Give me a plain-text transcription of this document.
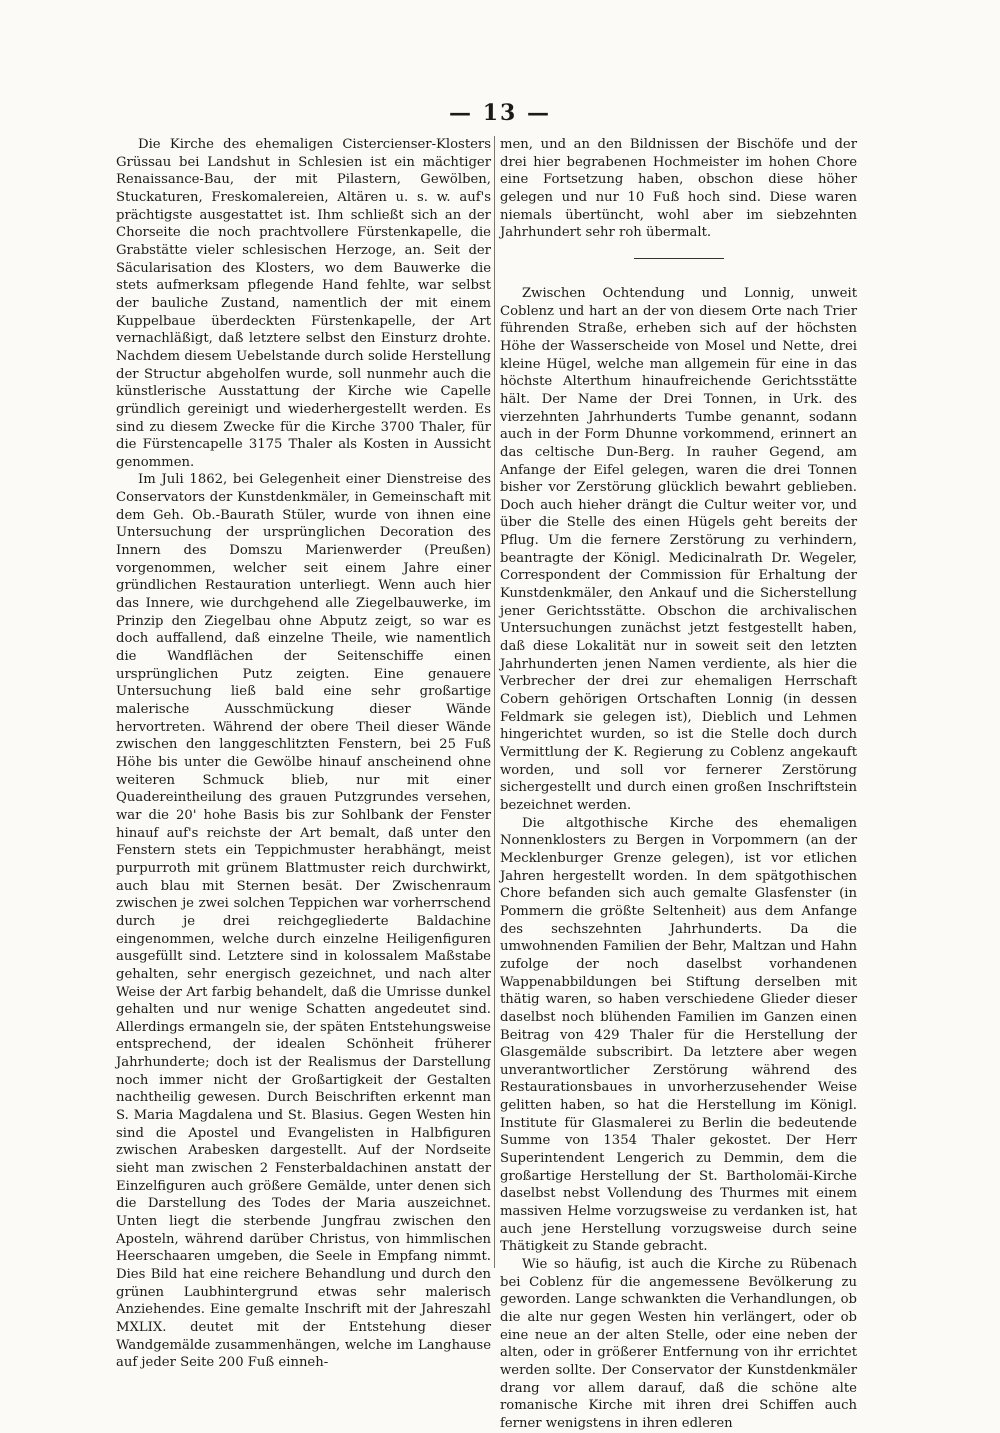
— 13 —

Die Kirche des ehemaligen Cistercienser-Klosters Grüssau bei Landshut in Schlesien ist ein mächtiger Renaissance-Bau, der mit Pilastern, Gewölben, Stuckaturen, Freskomalereien, Altären u. s. w. auf's prächtigste ausgestattet ist. Ihm schließt sich an der Chorseite die noch prachtvollere Fürstenkapelle, die Grabstätte vieler schlesischen Herzoge, an. Seit der Säcularisation des Klosters, wo dem Bauwerke die stets aufmerksam pflegende Hand fehlte, war selbst der bauliche Zustand, namentlich der mit einem Kuppelbaue überdeckten Fürstenkapelle, der Art vernachläßigt, daß letztere selbst den Einsturz drohte. Nachdem diesem Uebelstande durch solide Herstellung der Structur abgeholfen wurde, soll nunmehr auch die künstlerische Ausstattung der Kirche wie Capelle gründlich gereinigt und wiederhergestellt werden. Es sind zu diesem Zwecke für die Kirche 3700 Thaler, für die Fürstencapelle 3175 Thaler als Kosten in Aussicht genommen.

Im Juli 1862, bei Gelegenheit einer Dienstreise des Conservators der Kunstdenkmäler, in Gemeinschaft mit dem Geh. Ob.-Baurath Stüler, wurde von ihnen eine Untersuchung der ursprünglichen Decoration des Innern des Domszu Marienwerder (Preußen) vorgenommen, welcher seit einem Jahre einer gründlichen Restauration unterliegt. Wenn auch hier das Innere, wie durchgehend alle Ziegelbauwerke, im Prinzip den Ziegelbau ohne Abputz zeigt, so war es doch auffallend, daß einzelne Theile, wie namentlich die Wandflächen der Seitenschiffe einen ursprünglichen Putz zeigten. Eine genauere Untersuchung ließ bald eine sehr großartige malerische Ausschmückung dieser Wände hervortreten. Während der obere Theil dieser Wände zwischen den langgeschlitzten Fenstern, bei 25 Fuß Höhe bis unter die Gewölbe hinauf anscheinend ohne weiteren Schmuck blieb, nur mit einer Quadereintheilung des grauen Putzgrundes versehen, war die 20' hohe Basis bis zur Sohlbank der Fenster hinauf auf's reichste der Art bemalt, daß unter den Fenstern stets ein Teppichmuster herabhängt, meist purpurroth mit grünem Blattmuster reich durchwirkt, auch blau mit Sternen besät. Der Zwischenraum zwischen je zwei solchen Teppichen war vorherrschend durch je drei reichgegliederte Baldachine eingenommen, welche durch einzelne Heiligenfiguren ausgefüllt sind. Letztere sind in kolossalem Maßstabe gehalten, sehr energisch gezeichnet, und nach alter Weise der Art farbig behandelt, daß die Umrisse dunkel gehalten und nur wenige Schatten angedeutet sind. Allerdings ermangeln sie, der späten Entstehungsweise entsprechend, der idealen Schönheit früherer Jahrhunderte; doch ist der Realismus der Darstellung noch immer nicht der Großartigkeit der Gestalten nachtheilig gewesen. Durch Beischriften erkennt man S. Maria Magdalena und St. Blasius. Gegen Westen hin sind die Apostel und Evangelisten in Halbfiguren zwischen Arabesken dargestellt. Auf der Nordseite sieht man zwischen 2 Fensterbaldachinen anstatt der Einzelfiguren auch größere Gemälde, unter denen sich die Darstellung des Todes der Maria auszeichnet. Unten liegt die sterbende Jungfrau zwischen den Aposteln, während darüber Christus, von himmlischen Heerschaaren umgeben, die Seele in Empfang nimmt. Dies Bild hat eine reichere Behandlung und durch den grünen Laubhintergrund etwas sehr malerisch Anziehendes. Eine gemalte Inschrift mit der Jahreszahl MXLIX. deutet mit der Entstehung dieser Wandgemälde zusammenhängen, welche im Langhause auf jeder Seite 200 Fuß einneh-

men, und an den Bildnissen der Bischöfe und der drei hier begrabenen Hochmeister im hohen Chore eine Fortsetzung haben, obschon diese höher gelegen und nur 10 Fuß hoch sind. Diese waren niemals übertüncht, wohl aber im siebzehnten Jahrhundert sehr roh übermalt.

Zwischen Ochtendung und Lonnig, unweit Coblenz und hart an der von diesem Orte nach Trier führenden Straße, erheben sich auf der höchsten Höhe der Wasserscheide von Mosel und Nette, drei kleine Hügel, welche man allgemein für eine in das höchste Alterthum hinaufreichende Gerichtsstätte hält. Der Name der Drei Tonnen, in Urk. des vierzehnten Jahrhunderts Tumbe genannt, sodann auch in der Form Dhunne vorkommend, erinnert an das celtische Dun-Berg. In rauher Gegend, am Anfange der Eifel gelegen, waren die drei Tonnen bisher vor Zerstörung glücklich bewahrt geblieben. Doch auch hieher drängt die Cultur weiter vor, und über die Stelle des einen Hügels geht bereits der Pflug. Um die fernere Zerstörung zu verhindern, beantragte der Königl. Medicinalrath Dr. Wegeler, Correspondent der Commission für Erhaltung der Kunstdenkmäler, den Ankauf und die Sicherstellung jener Gerichtsstätte. Obschon die archivalischen Untersuchungen zunächst jetzt festgestellt haben, daß diese Lokalität nur in soweit seit den letzten Jahrhunderten jenen Namen verdiente, als hier die Verbrecher der drei zur ehemaligen Herrschaft Cobern gehörigen Ortschaften Lonnig (in dessen Feldmark sie gelegen ist), Dieblich und Lehmen hingerichtet wurden, so ist die Stelle doch durch Vermittlung der K. Regierung zu Coblenz angekauft worden, und soll vor fernerer Zerstörung sichergestellt und durch einen großen Inschriftstein bezeichnet werden.

Die altgothische Kirche des ehemaligen Nonnenklosters zu Bergen in Vorpommern (an der Mecklenburger Grenze gelegen), ist vor etlichen Jahren hergestellt worden. In dem spätgothischen Chore befanden sich auch gemalte Glasfenster (in Pommern die größte Seltenheit) aus dem Anfange des sechszehnten Jahrhunderts. Da die umwohnenden Familien der Behr, Maltzan und Hahn zufolge der noch daselbst vorhandenen Wappenabbildungen bei Stiftung derselben mit thätig waren, so haben verschiedene Glieder dieser daselbst noch blühenden Familien im Ganzen einen Beitrag von 429 Thaler für die Herstellung der Glasgemälde subscribirt. Da letztere aber wegen unverantwortlicher Zerstörung während des Restaurationsbaues in unvorherzusehender Weise gelitten haben, so hat die Herstellung im Königl. Institute für Glasmalerei zu Berlin die bedeutende Summe von 1354 Thaler gekostet. Der Herr Superintendent Lengerich zu Demmin, dem die großartige Herstellung der St. Bartholomäi-Kirche daselbst nebst Vollendung des Thurmes mit einem massiven Helme vorzugsweise zu verdanken ist, hat auch jene Herstellung vorzugsweise durch seine Thätigkeit zu Stande gebracht.

Wie so häufig, ist auch die Kirche zu Rübenach bei Coblenz für die angemessene Bevölkerung zu geworden. Lange schwankten die Verhandlungen, ob die alte nur gegen Westen hin verlängert, oder ob eine neue an der alten Stelle, oder eine neben der alten, oder in größerer Entfernung von ihr errichtet werden sollte. Der Conservator der Kunstdenkmäler drang vor allem darauf, daß die schöne alte romanische Kirche mit ihren drei Schiffen auch ferner wenigstens in ihren edleren
